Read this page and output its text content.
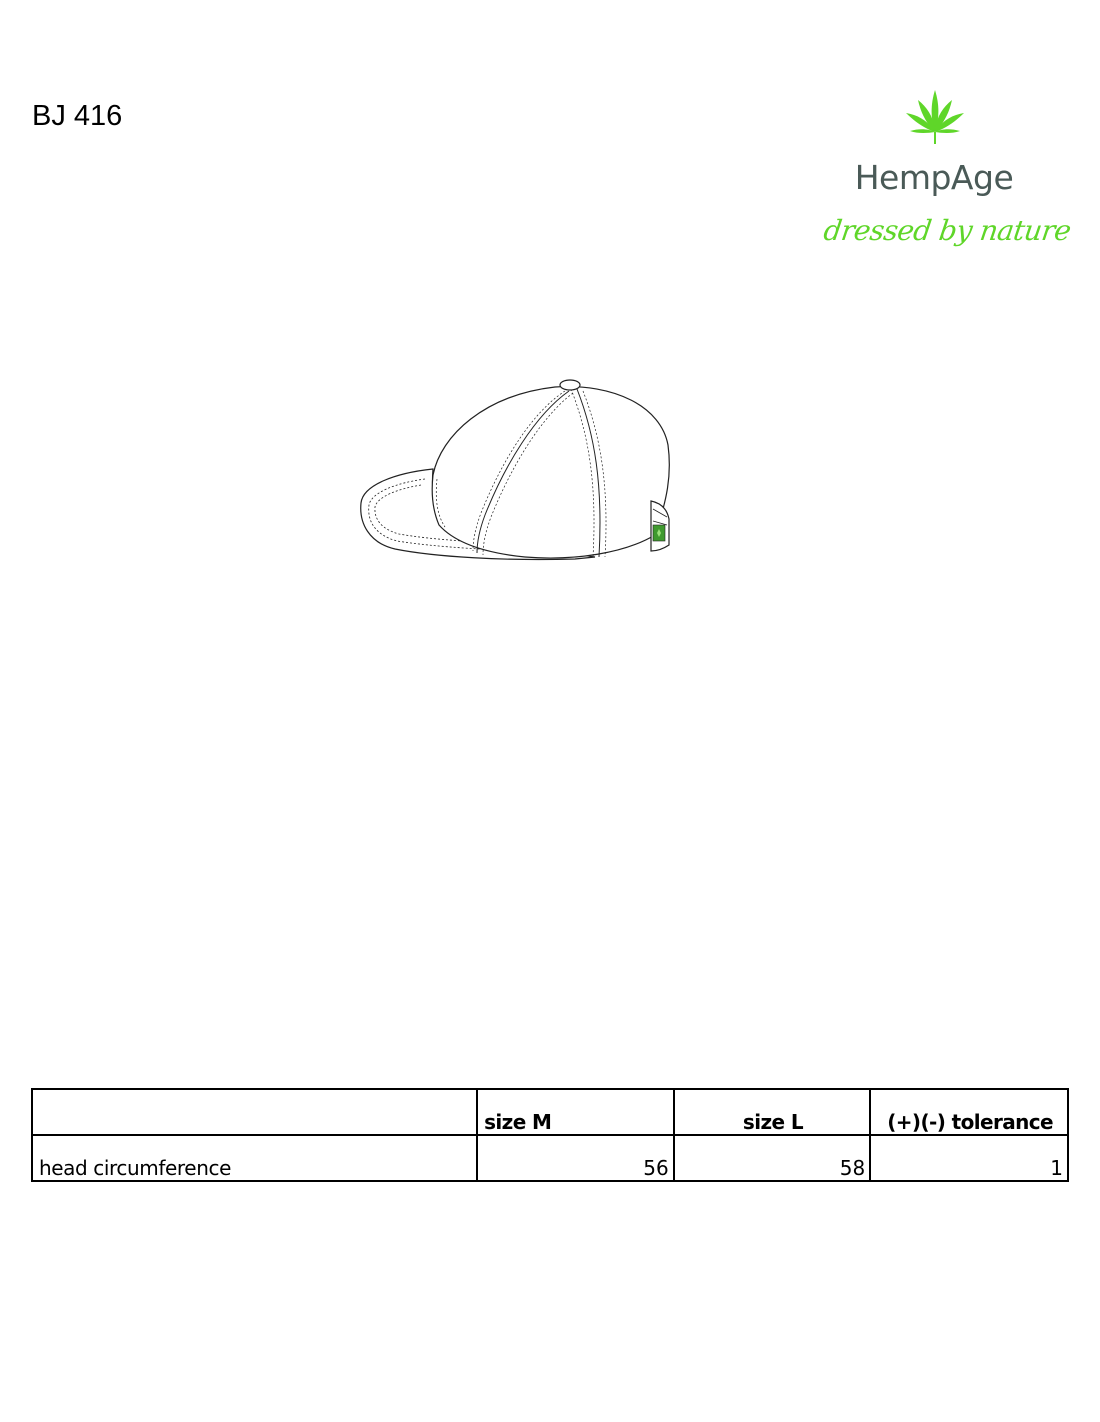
BJ 416
HempAge
dressed by nature
	size M	size L	(+)(-) tolerance
head circumference	56	58	1
